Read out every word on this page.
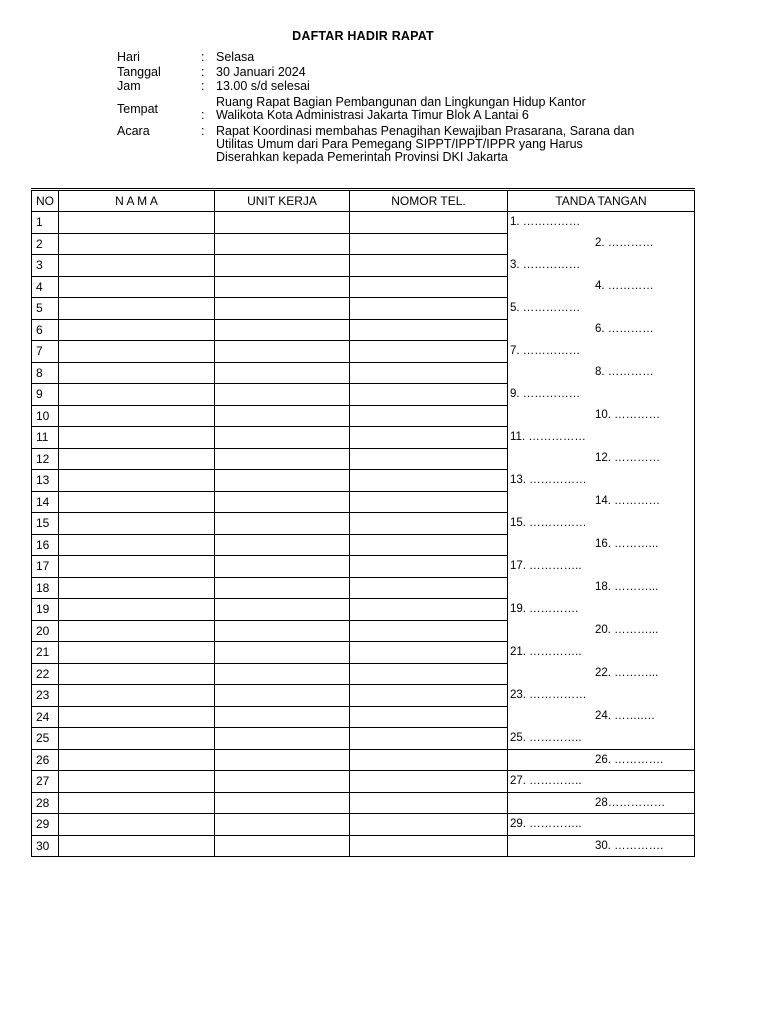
DAFTAR HADIR RAPAT
Hari	: Selasa
Tanggal	: 30 Januari 2024
Jam	: 13.00 s/d selesai
Tempat	:
Ruang Rapat Bagian Pembangunan dan Lingkungan Hidup Kantor
Walikota Kota Administrasi Jakarta Timur Blok A Lantai 6
Acara	: Rapat Koordinasi membahas Penagihan Kewajiban Prasarana, Sarana dan
Utilitas Umum dari Para Pemegang SIPPT/IPPT/IPPR yang Harus
Diserahkan kepada Pemerintah Provinsi DKI Jakarta
NO	N A M A	UNIT KERJA	NOMOR TEL.	TANDA TANGAN
1				1. ……………

2				2. …………

3				3. ……………

4				4. …………

5				5. ……………

6				6. …………

7				7. ……………

8				8. …………

9				9. ……………

10				10. …………

11				11. ……………

12				12. …………

13				13. ……………

14				14. …………

15				15. ……………

16				16. ………...

17				17. …………..

18				18. ………...

19				19. ………….

20				20. ………...

21				21. …………..

22				22. ………...

23				23. ……………

24				24. ……..…

25				25. …………..

26				26. ………….

27				27. …………..

28				28……………

29				29. …………..

30				30. ………….
